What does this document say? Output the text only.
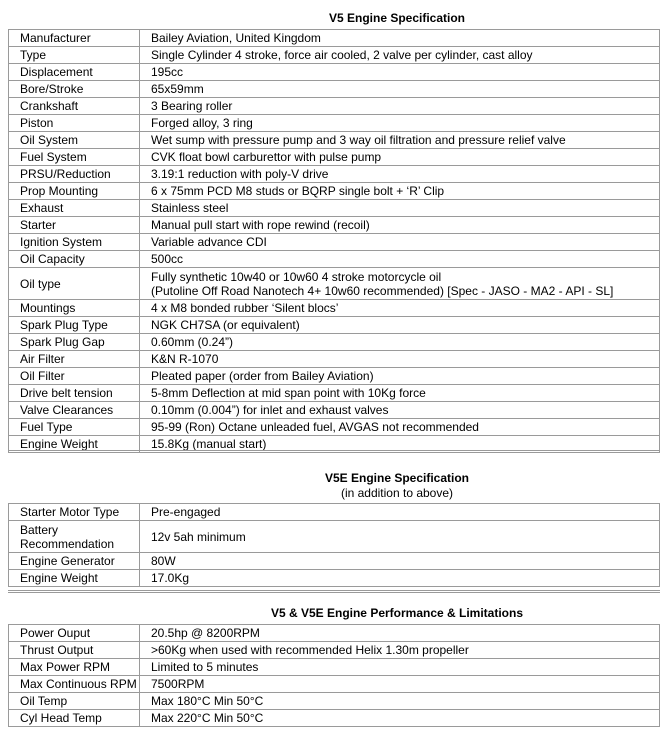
V5 Engine Specification
Manufacturer	Bailey Aviation, United Kingdom
Type	Single Cylinder 4 stroke, force air cooled, 2 valve per cylinder, cast alloy
Displacement	195cc
Bore/Stroke	65x59mm
Crankshaft	3 Bearing roller
Piston	Forged alloy, 3 ring
Oil System	Wet sump with pressure pump and 3 way oil filtration and pressure relief valve
Fuel System	CVK float bowl carburettor with pulse pump
PRSU/Reduction	3.19:1 reduction with poly-V drive
Prop Mounting	6 x 75mm PCD M8 studs or BQRP single bolt + ‘R’ Clip
Exhaust	Stainless steel
Starter	Manual pull start with rope rewind (recoil)
Ignition System	Variable advance CDI
Oil Capacity	500cc
Oil type	Fully synthetic 10w40 or 10w60 4 stroke motorcycle oil
(Putoline Off Road Nanotech 4+ 10w60 recommended) [Spec - JASO - MA2 - API - SL]

Mountings	4 x M8 bonded rubber ‘Silent blocs’
Spark Plug Type	NGK CH7SA (or equivalent)
Spark Plug Gap	0.60mm (0.24”)
Air Filter	K&N R-1070
Oil Filter	Pleated paper (order from Bailey Aviation)
Drive belt tension	5-8mm Deflection at mid span point with 10Kg force
Valve Clearances	0.10mm (0.004”) for inlet and exhaust valves
Fuel Type	95-99 (Ron) Octane unleaded fuel, AVGAS not recommended
Engine Weight	15.8Kg (manual start)
V5E Engine Specification
(in addition to above)
Starter Motor Type	Pre-engaged
Battery Recommendation	12v 5ah minimum
Engine Generator	80W
Engine Weight	17.0Kg
V5 & V5E Engine Performance & Limitations
Power Ouput	20.5hp @ 8200RPM
Thrust Output	>60Kg when used with recommended Helix 1.30m propeller
Max Power RPM	Limited to 5 minutes
Max Continuous RPM	7500RPM
Oil Temp	Max 180°C Min 50°C
Cyl Head Temp	Max 220°C Min 50°C
